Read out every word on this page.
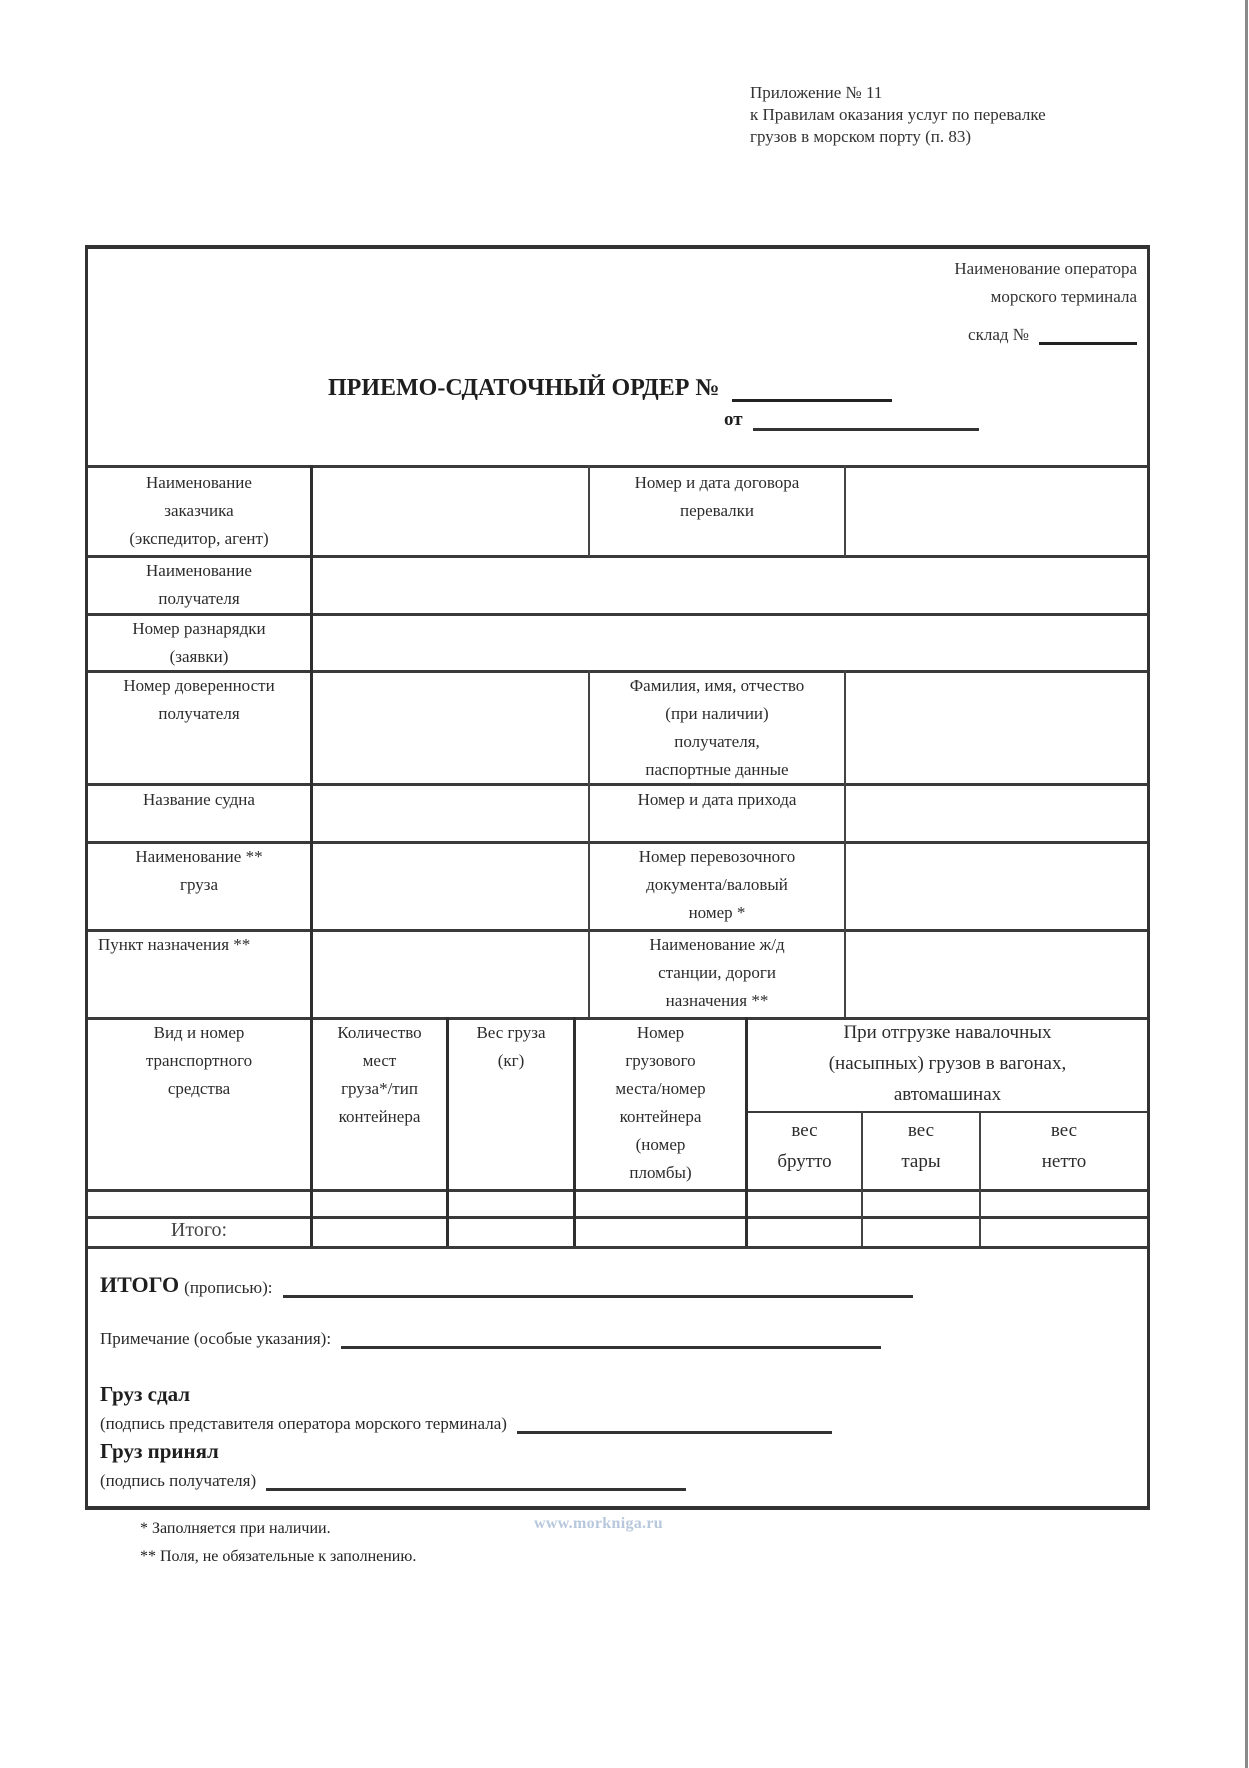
Приложение № 11
к Правилам оказания услуг по перевалке
грузов в морском порту (п. 83)
Наименование оператора
морского терминала
склад №
ПРИЕМО-СДАТОЧНЫЙ ОРДЕР №
от
Наименование
заказчика
(экспедитор, агент)
Номер и дата договора
перевалки
Наименование
получателя
Номер разнарядки
(заявки)
Номер доверенности
получателя
Фамилия, имя, отчество
(при наличии)
получателя,
паспортные данные
Название судна	Номер и дата прихода
Наименование **
груза
Номер перевозочного
документа/валовый
номер *
Пункт назначения **	Наименование ж/д
станции, дороги
назначения **
Вид и номер
транспортного
средства
Количество
мест
груза*/тип
контейнера
Вес груза
(кг)
Номер
грузового
места/номер
контейнера
(номер
пломбы)
При отгрузке навалочных
(насыпных) грузов в вагонах,
автомашинах
вес
брутто
вес
тары
вес
нетто
Итого:
ИТОГО (прописью):
Примечание (особые указания):
Груз сдал
(подпись представителя оператора морского терминала)
Груз принял
(подпись получателя)
* Заполняется при наличии.
** Поля, не обязательные к заполнению.
www.morkniga.ru
